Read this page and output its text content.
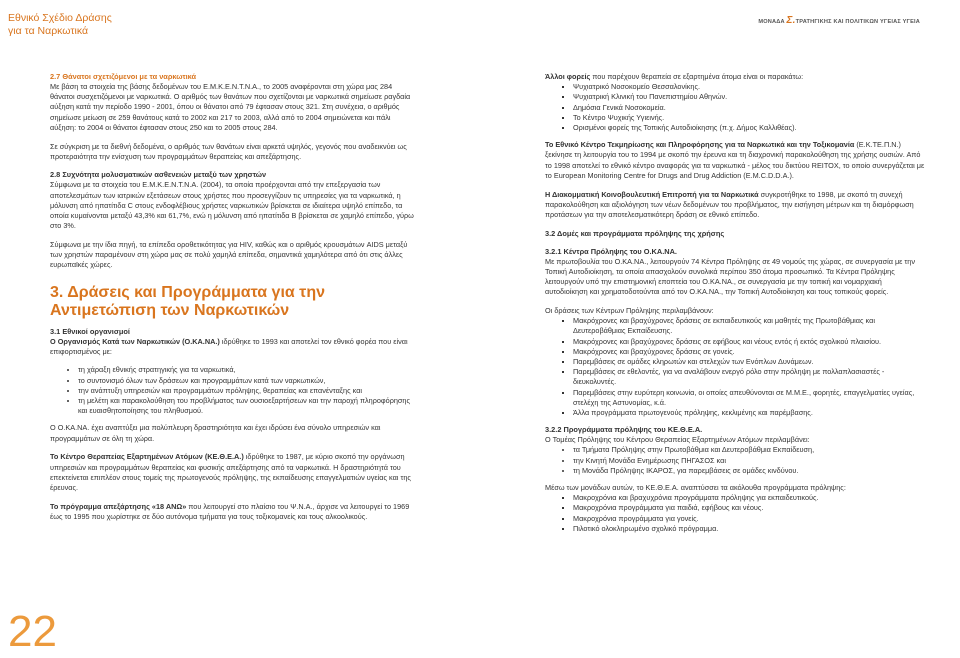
Εθνικό Σχέδιο Δράσης
για τα Ναρκωτικά
ΜΟΝΑΔΑ Σ.ΤΡΑΤΗΓΙΚΗΣ ΚΑΙ ΠΟΛΙΤΙΚΩΝ ΥΓΕΙΑΣ ΥΓΕΙΑ
2.7 Θάνατοι σχετιζόμενοι με τα ναρκωτικά

Με βάση τα στοιχεία της βάσης δεδομένων του Ε.Μ.Κ.Ε.Ν.Τ.Ν.Α., το 2005 αναφέρονται στη χώρα μας 284 θάνατοι συσχετιζόμενοι με ναρκωτικά. Ο αριθμός των θανάτων που σχετίζονται με ναρκωτικά σημείωσε ραγδαία αύξηση κατά την περίοδο 1990 - 2001, όπου οι θάνατοι από 79 έφτασαν στους 321. Στη συνέχεια, ο αριθμός σημείωσε μείωση σε 259 θανάτους κατά το 2002 και 217 το 2003, αλλά από το 2004 σημειώνεται και πάλι αύξηση: το 2004 οι θάνατοι έφτασαν στους 250 και το 2005 στους 284.

Σε σύγκριση με τα διεθνή δεδομένα, ο αριθμός των θανάτων είναι αρκετά υψηλός, γεγονός που αναδεικνύει ως προτεραιότητα την ενίσχυση των προγραμμάτων θεραπείας και απεξάρτησης.

2.8 Συχνότητα μολυσματικών ασθενειών μεταξύ των χρηστών

Σύμφωνα με τα στοιχεία του Ε.Μ.Κ.Ε.Ν.Τ.Ν.Α. (2004), τα οποία προέρχονται από την επεξεργασία των αποτελεσμάτων των ιατρικών εξετάσεων στους χρήστες που προσεγγίζουν τις υπηρεσίες για τα ναρκωτικά, η μόλυνση από ηπατίτιδα C στους ενδοφλέβιους χρήστες ναρκωτικών βρίσκεται σε ιδιαίτερα υψηλό επίπεδο, τα οποία κυμαίνονται μεταξύ 43,3% και 61,7%, ενώ η μόλυνση από ηπατίτιδα Β βρίσκεται σε χαμηλό επίπεδο, γύρω στο 3%.

Σύμφωνα με την ίδια πηγή, τα επίπεδα οροθετικότητας για HIV, καθώς και ο αριθμός κρουσμάτων AIDS μεταξύ των χρηστών παραμένουν στη χώρα μας σε πολύ χαμηλά επίπεδα, σημαντικά χαμηλότερα από ότι στις άλλες ευρωπαϊκές χώρες.

3. Δράσεις και Προγράμματα για την Αντιμετώπιση των Ναρκωτικών
3.1 Εθνικοί οργανισμοί

Ο Οργανισμός Κατά των Ναρκωτικών (Ο.ΚΑ.ΝΑ.) ιδρύθηκε το 1993 και αποτελεί τον εθνικό φορέα που είναι επιφορτισμένος με:

• τη χάραξη εθνικής στρατηγικής για τα ναρκωτικά,
• το συντονισμό όλων των δράσεων και προγραμμάτων κατά των ναρκωτικών,
• την ανάπτυξη υπηρεσιών και προγραμμάτων πρόληψης, θεραπείας και επανένταξης και
• τη μελέτη και παρακολούθηση του προβλήματος των ουσιοεξαρτήσεων και την παροχή πληροφόρησης και ευαισθητοποίησης του πληθυσμού.

Ο Ο.ΚΑ.ΝΑ. έχει αναπτύξει μια πολύπλευρη δραστηριότητα και έχει ιδρύσει ένα σύνολο υπηρεσιών και προγραμμάτων σε όλη τη χώρα.

Το Κέντρο Θεραπείας Εξαρτημένων Ατόμων (ΚΕ.Θ.Ε.Α.) ιδρύθηκε το 1987, με κύριο σκοπό την οργάνωση υπηρεσιών και προγραμμάτων θεραπείας και φυσικής απεξάρτησης από τα ναρκωτικά. Η δραστηριότητά του επεκτείνεται επιπλέον στους τομείς της πρωτογενούς πρόληψης, της εκπαίδευσης επαγγελματιών υγείας και της έρευνας.

Το πρόγραμμα απεξάρτησης «18 ΑΝΩ» που λειτουργεί στο πλαίσιο του Ψ.Ν.Α., άρχισε να λειτουργεί το 1969 έως το 1995 που χωρίστηκε σε δύο αυτόνομα τμήματα για τους τοξικομανείς και τους αλκοολικούς.

Άλλοι φορείς που παρέχουν θεραπεία σε εξαρτημένα άτομα είναι οι παρακάτω:

▪ Ψυχιατρικό Νοσοκομείο Θεσσαλονίκης.
▪ Ψυχιατρική Κλινική του Πανεπιστημίου Αθηνών.
▪ Δημόσια Γενικά Νοσοκομεία.
▪ Το Κέντρο Ψυχικής Υγιεινής.
▪ Ορισμένοι φορείς της Τοπικής Αυτοδιοίκησης (π.χ. Δήμος Καλλιθέας).

Το Εθνικό Κέντρο Τεκμηρίωσης και Πληροφόρησης για τα Ναρκωτικά και την Τοξικομανία (Ε.Κ.ΤΕ.Π.Ν.) ξεκίνησε τη λειτουργία του το 1994 με σκοπό την έρευνα και τη διαχρονική παρακολούθηση της χρήσης ουσιών. Από το 1998 αποτελεί το εθνικό κέντρο αναφοράς για τα ναρκωτικά - μέλος του δικτύου REITOX, το οποίο συνεργάζεται με το European Monitoring Centre for Drugs and Drug Addiction (E.M.C.D.D.A.).

Η Διακομματική Κοινοβουλευτική Επιτροπή για τα Ναρκωτικά συγκροτήθηκε το 1998, με σκοπό τη συνεχή παρακολούθηση και αξιολόγηση των νέων δεδομένων του προβλήματος, την εισήγηση μέτρων και τη διαμόρφωση προτάσεων για την αποτελεσματικότερη δράση σε εθνικό επίπεδο.

3.2 Δομές και προγράμματα πρόληψης της χρήσης
3.2.1 Κέντρα Πρόληψης του Ο.ΚΑ.ΝΑ.

Με πρωτοβουλία του Ο.ΚΑ.ΝΑ., λειτουργούν 74 Κέντρα Πρόληψης σε 49 νομούς της χώρας, σε συνεργασία με την Τοπική Αυτοδιοίκηση, τα οποία απασχολούν συνολικά περίπου 350 άτομα προσωπικό. Τα Κέντρα Πρόληψης λειτουργούν υπό την επιστημονική εποπτεία του Ο.ΚΑ.ΝΑ., σε συνεργασία με την τοπική και νομαρχιακή αυτοδιοίκηση και χρηματοδοτούνται από τον Ο.ΚΑ.ΝΑ., την Τοπική Αυτοδιοίκηση και τους τοπικούς φορείς.

Οι δράσεις των Κέντρων Πρόληψης περιλαμβάνουν:

▪ Μακρόχρονες και βραχύχρονες δράσεις σε εκπαιδευτικούς και μαθητές της Πρωτοβάθμιας και Δευτεροβάθμιας Εκπαίδευσης.
▪ Μακρόχρονες και βραχύχρονες δράσεις σε εφήβους και νέους εντός ή εκτός σχολικού πλαισίου.
▪ Μακρόχρονες και βραχύχρονες δράσεις σε γονείς.
▪ Παρεμβάσεις σε ομάδες κληρωτών και στελεχών των Ενόπλων Δυνάμεων.
▪ Παρεμβάσεις σε εθελοντές, για να αναλάβουν ενεργό ρόλο στην πρόληψη με πολλαπλασιαστές - διευκολυντές.
▪ Παρεμβάσεις στην ευρύτερη κοινωνία, οι οποίες απευθύνονται σε Μ.Μ.Ε., φορητές, επαγγελματίες υγείας, στελέχη της Αστυνομίας, κ.ά.
▪ Άλλα προγράμματα πρωτογενούς πρόληψης, κεκλιμένης και παρέμβασης.
3.2.2 Προγράμματα πρόληψης του ΚΕ.Θ.Ε.Α.

Ο Τομέας Πρόληψης του Κέντρου Θεραπείας Εξαρτημένων Ατόμων περιλαμβάνει:

• τα Τμήματα Πρόληψης στην Πρωτοβάθμια και Δευτεροβάθμια Εκπαίδευση,
• την Κινητή Μονάδα Ενημέρωσης ΠΗΓΑΣΟΣ και
• τη Μονάδα Πρόληψης ΙΚΑΡΟΣ, για παρεμβάσεις σε ομάδες κινδύνου.

Μέσω των μονάδων αυτών, το ΚΕ.Θ.Ε.Α. αναπτύσσει τα ακόλουθα προγράμματα πρόληψης:

▪ Μακροχρόνια και βραχυχρόνια προγράμματα πρόληψης για εκπαιδευτικούς.
▪ Μακροχρόνια προγράμματα για παιδιά, εφήβους και νέους.
▪ Μακροχρόνια προγράμματα για γονείς.
▪ Πιλοτικό ολοκληρωμένο σχολικό πρόγραμμα.
22
